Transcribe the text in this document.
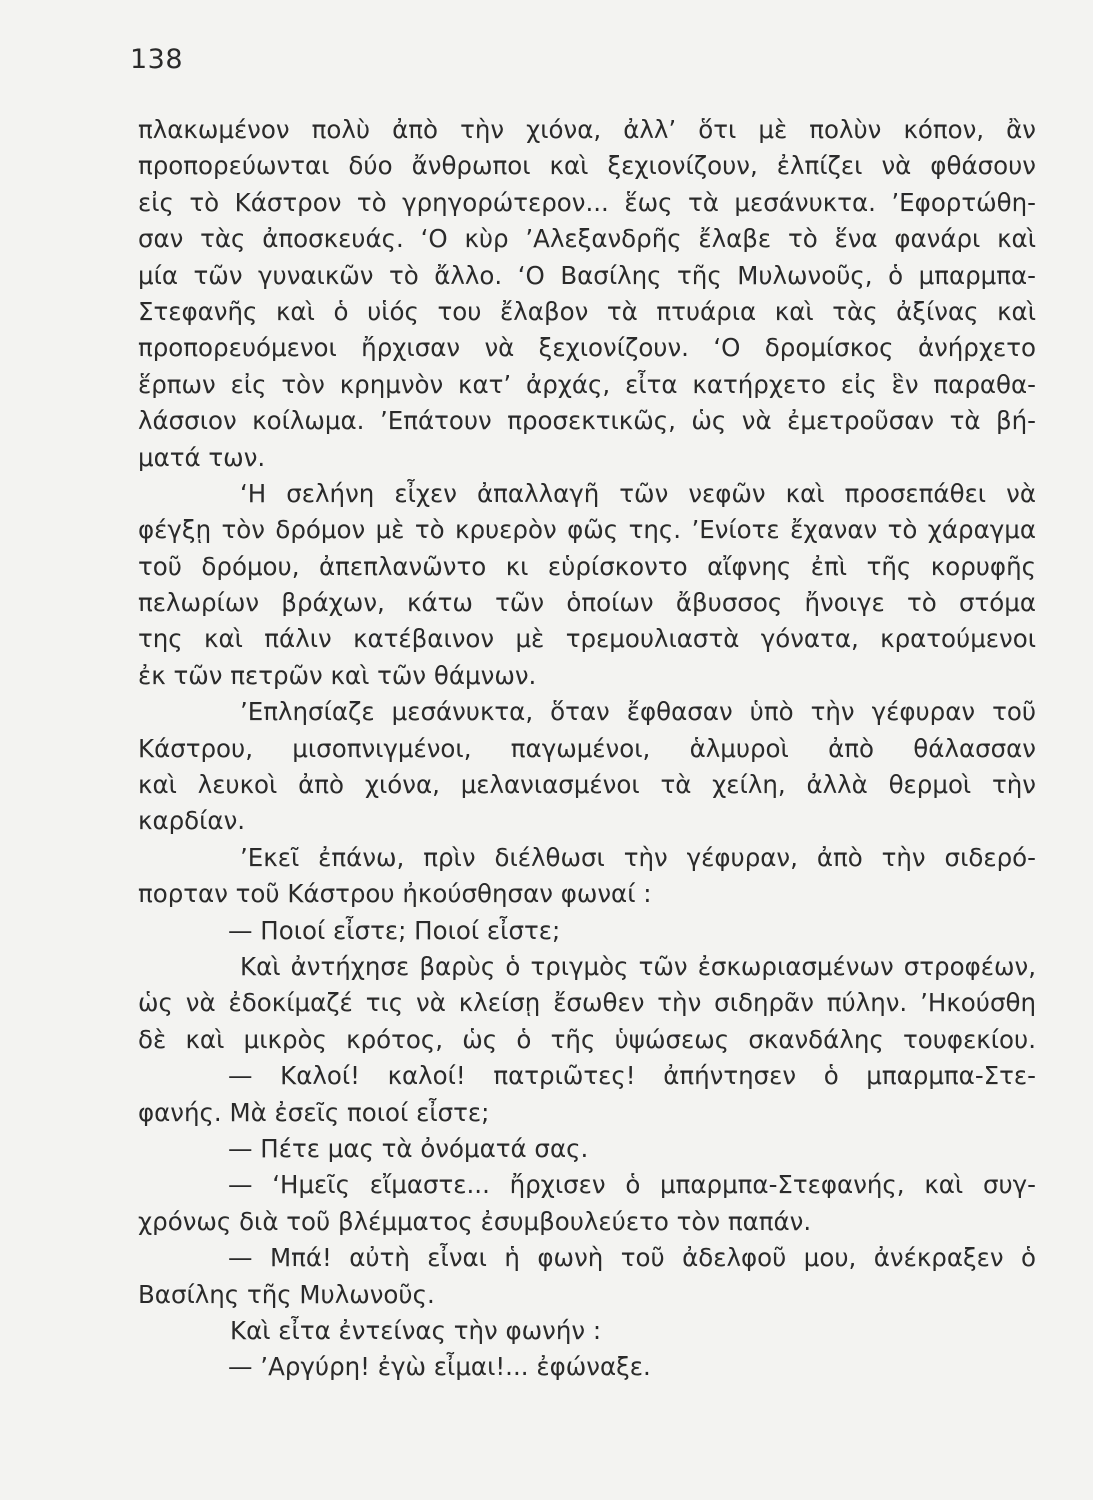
138
πλακωμένον πολὺ ἀπὸ τὴν χιόνα, ἀλλ’ ὅτι μὲ πολὺν κόπον, ἂν
προπορεύωνται δύο ἄνθρωποι καὶ ξεχιονίζουν, ἐλπίζει νὰ φθάσουν
εἰς τὸ Κάστρον τὸ γρηγορώτερον... ἕως τὰ μεσάνυκτα. ’Εφορτώθη-
σαν τὰς ἀποσκευάς. ‘Ο κὺρ ’Αλεξανδρῆς ἔλαβε τὸ ἕνα φανάρι καὶ
μία τῶν γυναικῶν τὸ ἄλλο. ‘Ο Βασίλης τῆς Μυλωνοῦς, ὁ μπαρμπα-
Στεφανῆς καὶ ὁ υἱός του ἔλαβον τὰ πτυάρια καὶ τὰς ἀξίνας καὶ
προπορευόμενοι ἤρχισαν νὰ ξεχιονίζουν. ‘Ο δρομίσκος ἀνήρχετο
ἕρπων εἰς τὸν κρημνὸν κατ’ ἀρχάς, εἶτα κατήρχετο εἰς ἓν παραθα-
λάσσιον κοίλωμα. ’Επάτουν προσεκτικῶς, ὡς νὰ ἐμετροῦσαν τὰ βή-
ματά των.
‘Η σελήνη εἶχεν ἀπαλλαγῆ τῶν νεφῶν καὶ προσεπάθει νὰ
φέγξῃ τὸν δρόμον μὲ τὸ κρυερὸν φῶς της. ’Ενίοτε ἔχαναν τὸ χάραγμα
τοῦ δρόμου, ἀπεπλανῶντο κι εὑρίσκοντο αἴφνης ἐπὶ τῆς κορυφῆς
πελωρίων βράχων, κάτω τῶν ὁποίων ἄβυσσος ἤνοιγε τὸ στόμα
της καὶ πάλιν κατέβαινον μὲ τρεμουλιαστὰ γόνατα, κρατούμενοι
ἐκ τῶν πετρῶν καὶ τῶν θάμνων.
’Επλησίαζε μεσάνυκτα, ὅταν ἔφθασαν ὑπὸ τὴν γέφυραν τοῦ
Κάστρου, μισοπνιγμένοι, παγωμένοι, ἁλμυροὶ ἀπὸ θάλασσαν
καὶ λευκοὶ ἀπὸ χιόνα, μελανιασμένοι τὰ χείλη, ἀλλὰ θερμοὶ τὴν
καρδίαν.
’Εκεῖ ἐπάνω, πρὶν διέλθωσι τὴν γέφυραν, ἀπὸ τὴν σιδερό-
πορταν τοῦ Κάστρου ἠκούσθησαν φωναί :
— Ποιοί εἶστε; Ποιοί εἶστε;
Καὶ ἀντήχησε βαρὺς ὁ τριγμὸς τῶν ἐσκωριασμένων στροφέων,
ὡς νὰ ἐδοκίμαζέ τις νὰ κλείσῃ ἔσωθεν τὴν σιδηρᾶν πύλην. ’Ηκούσθη
δὲ καὶ μικρὸς κρότος, ὡς ὁ τῆς ὑψώσεως σκανδάλης τουφεκίου.
— Καλοί! καλοί! πατριῶτες! ἀπήντησεν ὁ μπαρμπα-Στε-
φανής. Μὰ ἐσεῖς ποιοί εἶστε;
— Πέτε μας τὰ ὀνόματά σας.
— ‘Ημεῖς εἴμαστε... ἤρχισεν ὁ μπαρμπα-Στεφανής, καὶ συγ-
χρόνως διὰ τοῦ βλέμματος ἐσυμβουλεύετο τὸν παπάν.
— Μπά! αὐτὴ εἶναι ἡ φωνὴ τοῦ ἀδελφοῦ μου, ἀνέκραξεν ὁ
Βασίλης τῆς Μυλωνοῦς.
Καὶ εἶτα ἐντείνας τὴν φωνήν :
— ’Αργύρη! ἐγὼ εἶμαι!... ἐφώναξε.
